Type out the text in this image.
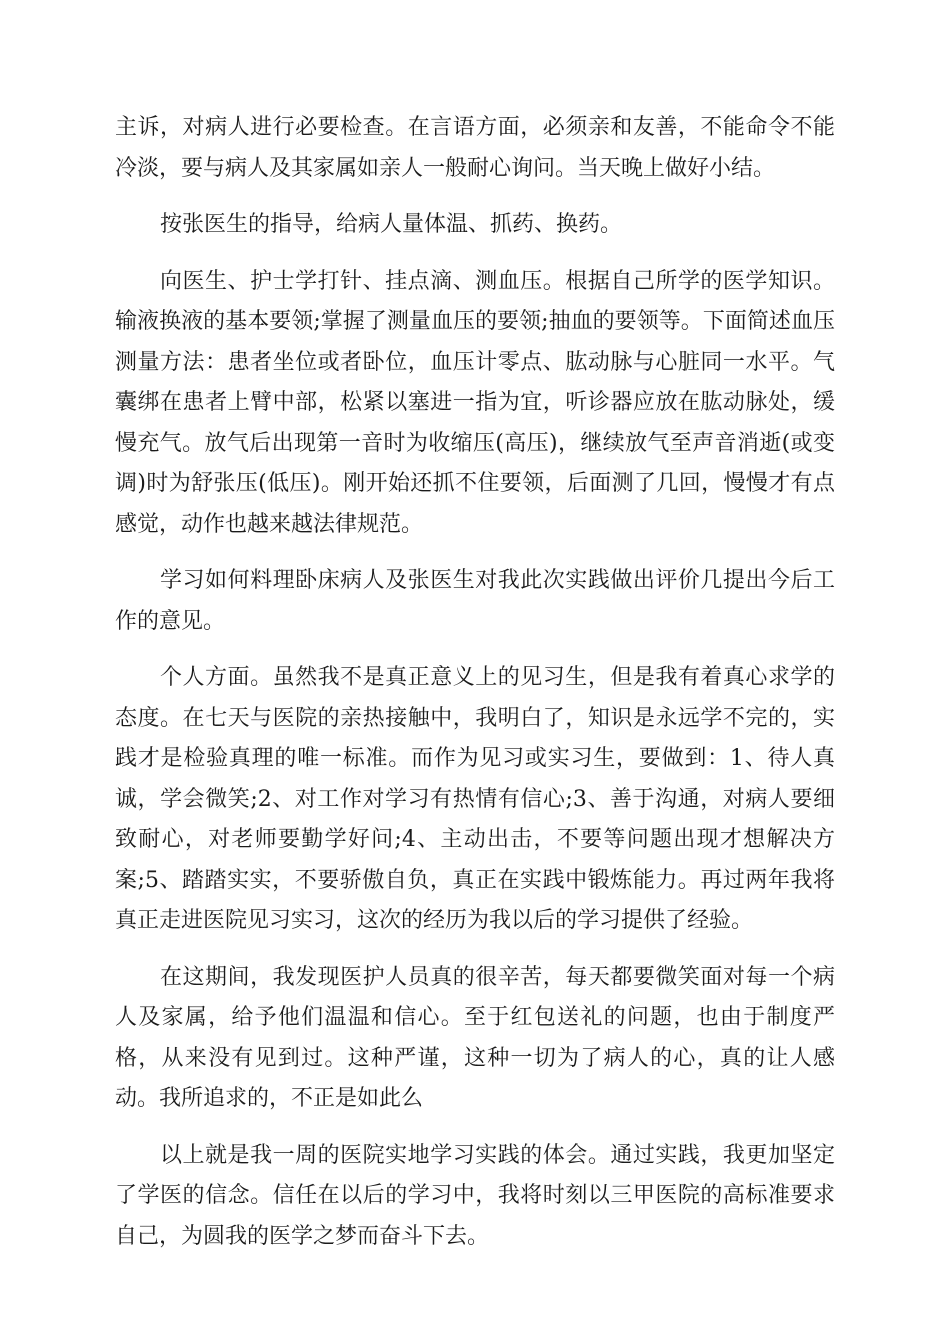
主诉，对病人进行必要检查。在言语方面，必须亲和友善，不能命令不能冷淡，要与病人及其家属如亲人一般耐心询问。当天晚上做好小结。

按张医生的指导，给病人量体温、抓药、换药。

向医生、护士学打针、挂点滴、测血压。根据自己所学的医学知识。输液换液的基本要领;掌握了测量血压的要领;抽血的要领等。下面简述血压测量方法：患者坐位或者卧位，血压计零点、肱动脉与心脏同一水平。气囊绑在患者上臂中部，松紧以塞进一指为宜，听诊器应放在肱动脉处，缓慢充气。放气后出现第一音时为收缩压(高压)，继续放气至声音消逝(或变调)时为舒张压(低压)。刚开始还抓不住要领，后面测了几回，慢慢才有点感觉，动作也越来越法律规范。

学习如何料理卧床病人及张医生对我此次实践做出评价几提出今后工作的意见。

个人方面。虽然我不是真正意义上的见习生，但是我有着真心求学的态度。在七天与医院的亲热接触中，我明白了，知识是永远学不完的，实践才是检验真理的唯一标准。而作为见习或实习生，要做到：1、待人真诚，学会微笑;2、对工作对学习有热情有信心;3、善于沟通，对病人要细致耐心，对老师要勤学好问;4、主动出击，不要等问题出现才想解决方案;5、踏踏实实，不要骄傲自负，真正在实践中锻炼能力。再过两年我将真正走进医院见习实习，这次的经历为我以后的学习提供了经验。

在这期间，我发现医护人员真的很辛苦，每天都要微笑面对每一个病人及家属，给予他们温温和信心。至于红包送礼的问题，也由于制度严格，从来没有见到过。这种严谨，这种一切为了病人的心，真的让人感动。我所追求的，不正是如此么

以上就是我一周的医院实地学习实践的体会。通过实践，我更加坚定了学医的信念。信任在以后的学习中，我将时刻以三甲医院的高标准要求自己，为圆我的医学之梦而奋斗下去。
